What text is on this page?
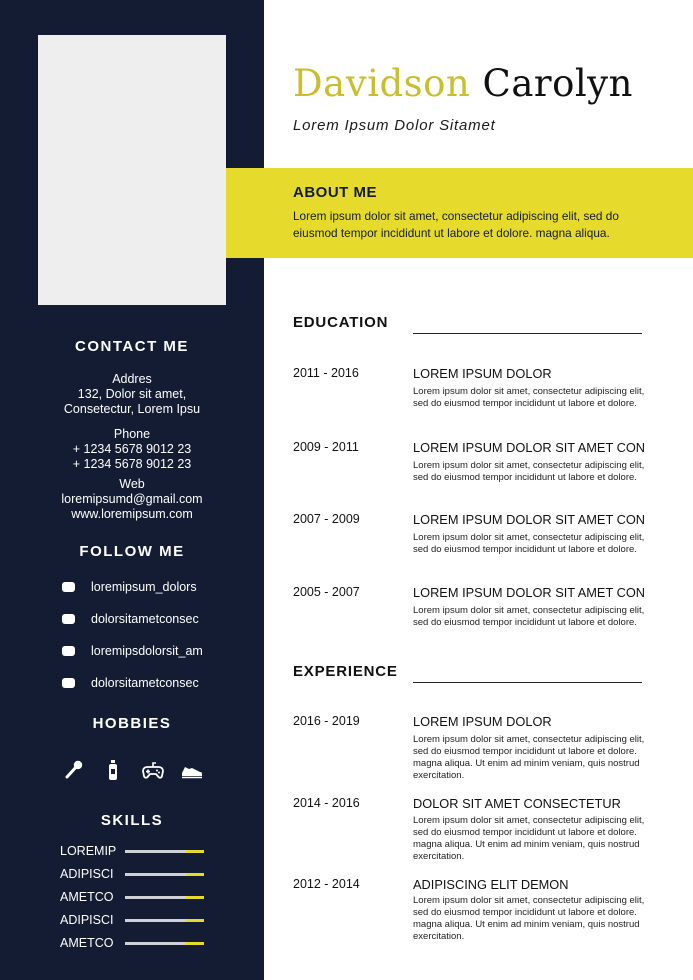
CONTACT ME
Addres
132, Dolor sit amet,
Consetectur, Lorem Ipsu
Phone
+ 1234 5678 9012 23
+ 1234 5678 9012 23
Web
loremipsumd@gmail.com
www.loremipsum.com
FOLLOW ME
loremipsum_dolors
dolorsitametconsec
loremipsdolorsit_am
dolorsitametconsec
HOBBIES
SKILLS
LOREMIP
ADIPISCI
AMETCO
ADIPISCI
AMETCO
Davidson Carolyn
Lorem Ipsum Dolor Sitamet
ABOUT ME
Lorem ipsum dolor sit amet, consectetur adipiscing elit, sed do eiusmod tempor incididunt ut labore et dolore. magna aliqua.
EDUCATION
2011 - 2016	LOREM IPSUM DOLOR
Lorem ipsum dolor sit amet, consectetur adipiscing elit,
sed do eiusmod tempor incididunt ut labore et dolore.
2009 - 2011	LOREM IPSUM DOLOR SIT AMET CON
Lorem ipsum dolor sit amet, consectetur adipiscing elit,
sed do eiusmod tempor incididunt ut labore et dolore.
2007 - 2009	LOREM IPSUM DOLOR SIT AMET CON
Lorem ipsum dolor sit amet, consectetur adipiscing elit,
sed do eiusmod tempor incididunt ut labore et dolore.
2005 - 2007	LOREM IPSUM DOLOR SIT AMET CON
Lorem ipsum dolor sit amet, consectetur adipiscing elit,
sed do eiusmod tempor incididunt ut labore et dolore.
EXPERIENCE
2016 - 2019	LOREM IPSUM DOLOR
Lorem ipsum dolor sit amet, consectetur adipiscing elit,
sed do eiusmod tempor incididunt ut labore et dolore.
magna aliqua. Ut enim ad minim veniam, quis nostrud
exercitation.
2014 - 2016	DOLOR SIT AMET CONSECTETUR
Lorem ipsum dolor sit amet, consectetur adipiscing elit,
sed do eiusmod tempor incididunt ut labore et dolore.
magna aliqua. Ut enim ad minim veniam, quis nostrud
exercitation.
2012 - 2014	ADIPISCING ELIT DEMON
Lorem ipsum dolor sit amet, consectetur adipiscing elit,
sed do eiusmod tempor incididunt ut labore et dolore.
magna aliqua. Ut enim ad minim veniam, quis nostrud
exercitation.
